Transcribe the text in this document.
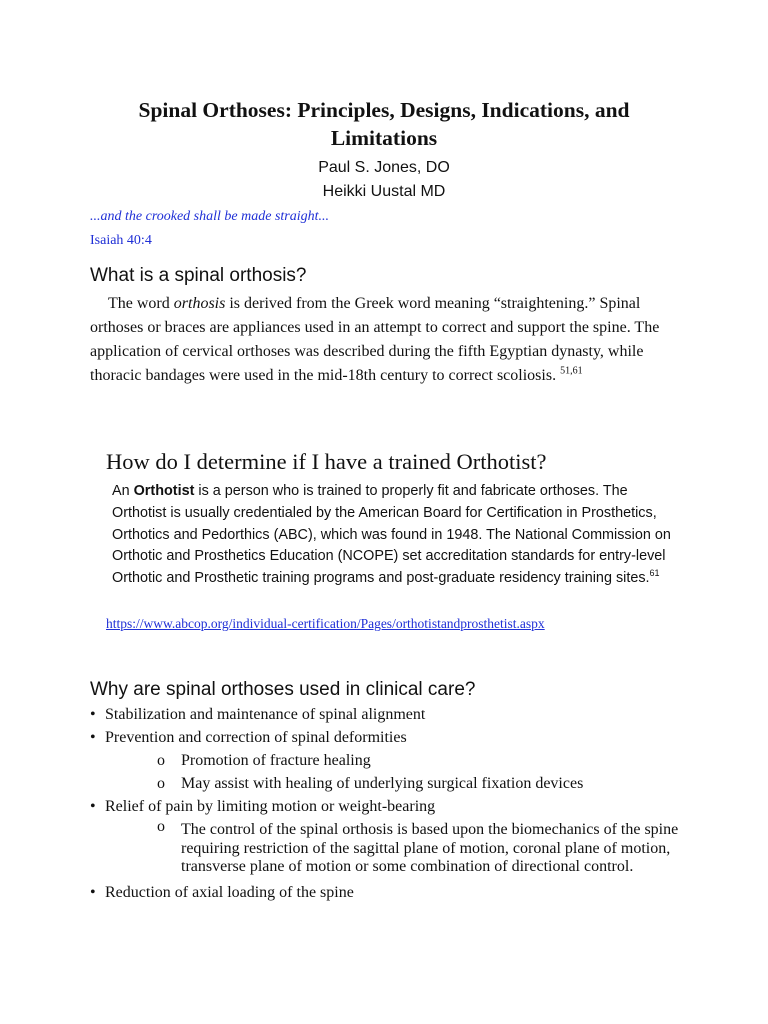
Spinal Orthoses: Principles, Designs, Indications, and Limitations
Paul S. Jones, DO
Heikki Uustal MD
...and the crooked shall be made straight...
Isaiah 40:4
What is a spinal orthosis?

The word orthosis is derived from the Greek word meaning “straightening.” Spinal orthoses or braces are appliances used in an attempt to correct and support the spine. The application of cervical orthoses was described during the fifth Egyptian dynasty, while thoracic bandages were used in the mid-18th century to correct scoliosis. $^{51,61}$

How do I determine if I have a trained Orthotist?

An Orthotist is a person who is trained to properly fit and fabricate orthoses. The Orthotist is usually credentialed by the American Board for Certification in Prosthetics, Orthotics and Pedorthics (ABC), which was found in 1948. The National Commission on Orthotic and Prosthetics Education (NCOPE) set accreditation standards for entry-level Orthotic and Prosthetic training programs and post-graduate residency training sites.$^{61}$

https://www.abcop.org/individual-certification/Pages/orthotistandprosthetist.aspx
Why are spinal orthoses used in clinical care?
• Stabilization and maintenance of spinal alignment
• Prevention and correction of spinal deformities
o Promotion of fracture healing
o May assist with healing of underlying surgical fixation devices
• Relief of pain by limiting motion or weight-bearing
o The control of the spinal orthosis is based upon the biomechanics of the spine requiring restriction of the sagittal plane of motion, coronal plane of motion, transverse plane of motion or some combination of directional control.
• Reduction of axial loading of the spine
